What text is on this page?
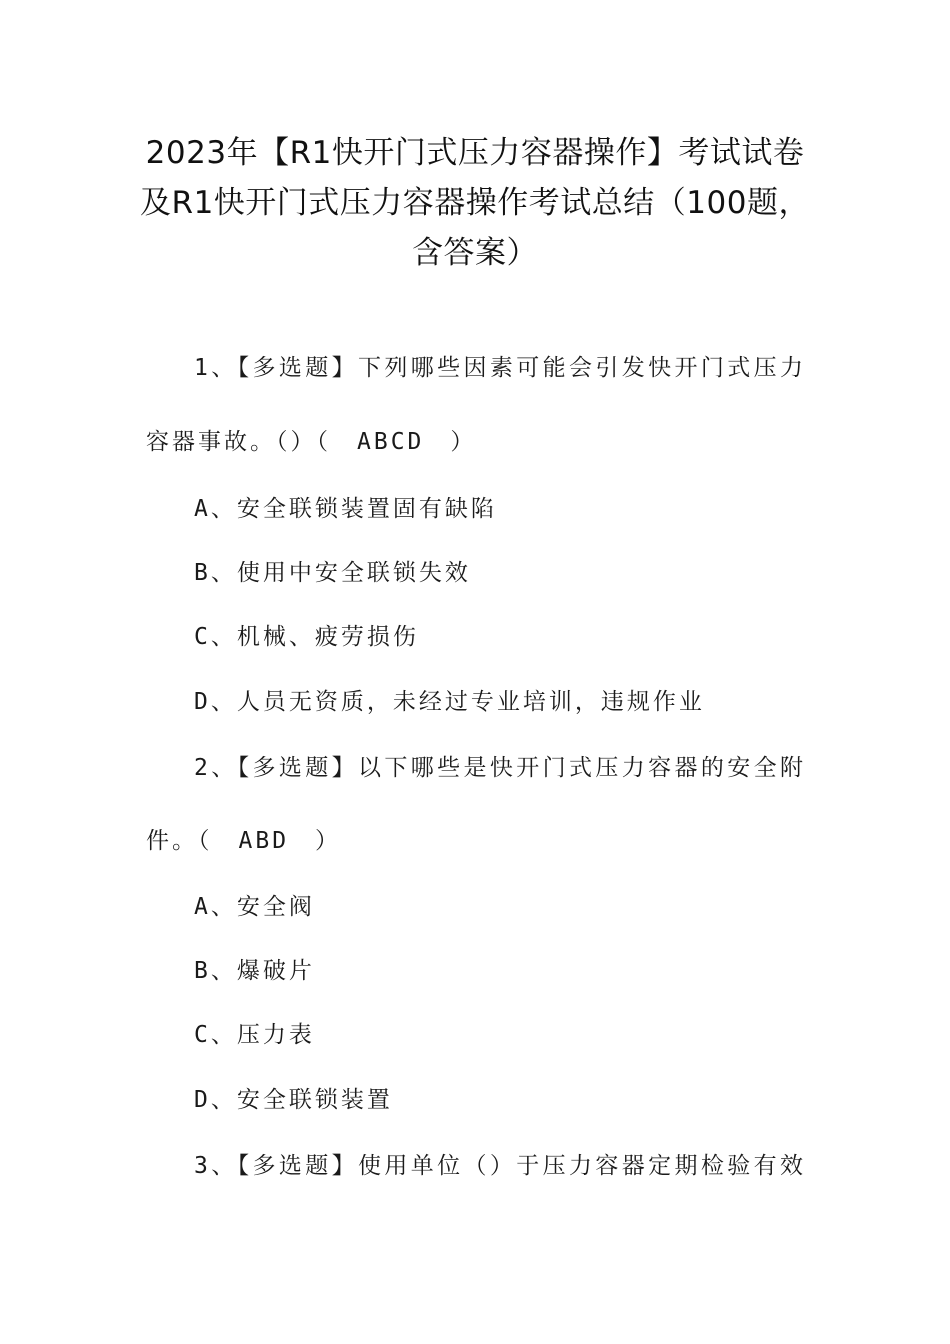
2023年【R1快开门式压力容器操作】考试试卷
及R1快开门式压力容器操作考试总结（100题，
含答案）
1、【多选题】下列哪些因素可能会引发快开门式压力
容器事故。（）（　ABCD　）
A、安全联锁装置固有缺陷
B、使用中安全联锁失效
C、机械、疲劳损伤
D、人员无资质，未经过专业培训，违规作业
2、【多选题】以下哪些是快开门式压力容器的安全附
件。（　ABD　）
A、安全阀
B、爆破片
C、压力表
D、安全联锁装置
3、【多选题】使用单位（）于压力容器定期检验有效
